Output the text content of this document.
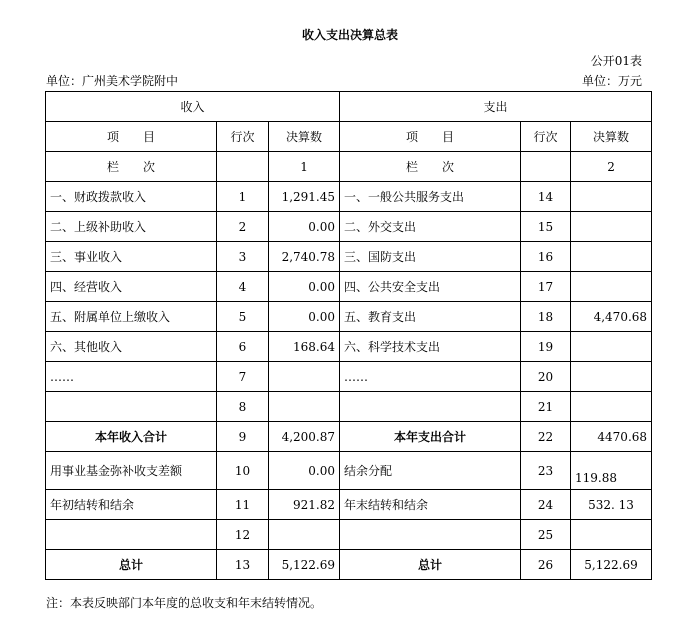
收入支出决算总表
公开01表
单位：广州美术学院附中	单位：万元
收入			支出		
项　　目	行次	决算数	项　　目	行次	决算数
栏　　次		1	栏　　次		2
一、财政拨款收入	1	1,291.45	一、一般公共服务支出	14	
二、上级补助收入	2	0.00	二、外交支出	15	
三、事业收入	3	2,740.78	三、国防支出	16	
四、经营收入	4	0.00	四、公共安全支出	17	
五、附属单位上缴收入	5	0.00	五、教育支出	18	4,470.68
六、其他收入	6	168.64	六、科学技术支出	19	
……	7		……	20	
	8			21	
本年收入合计	9	4,200.87	本年支出合计	22	4470.68
用事业基金弥补收支差额	10	0.00	结余分配	23	119.88
年初结转和结余	11	921.82	年末结转和结余	24	532. 13
	12			25	
总计	13	5,122.69	总计	26	5,122.69
注：本表反映部门本年度的总收支和年末结转情况。
